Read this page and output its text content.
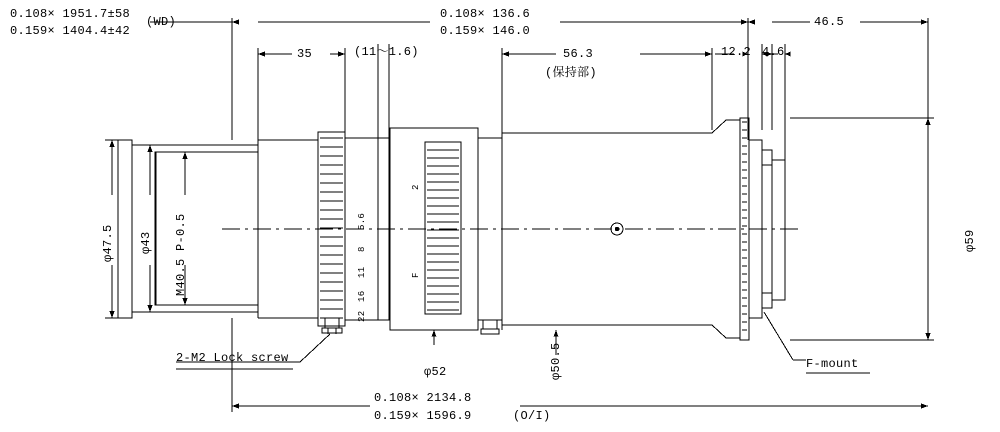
0.108× 1951.7±58
0.159× 1404.4±42
(WD)
0.108× 136.6
0.159× 146.0
46.5
35	(11〜1.6)	56.3
(保持部)
12.2 4.6
φ47.5 φ43 M40.5 P-0.5
φ52	φ50.5
φ59
5.6
8
11
16
22
2
F
2-M2 Lock screw	F-mount
0.108× 2134.8
0.159× 1596.9	(O/I)
